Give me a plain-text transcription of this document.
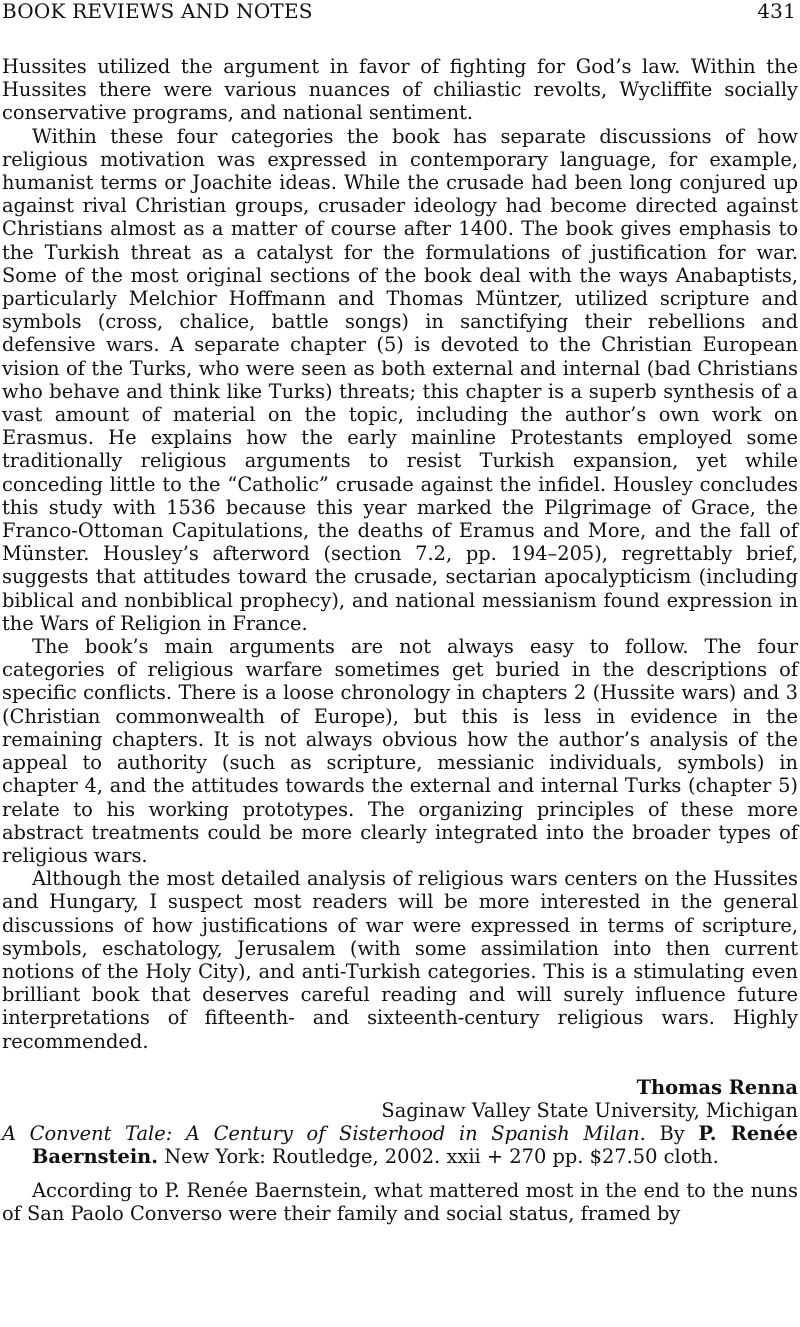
BOOK REVIEWS AND NOTES	431

Hussites utilized the argument in favor of fighting for God’s law. Within the Hussites there were various nuances of chiliastic revolts, Wycliffite socially conservative programs, and national sentiment.

Within these four categories the book has separate discussions of how religious motivation was expressed in contemporary language, for example, humanist terms or Joachite ideas. While the crusade had been long conjured up against rival Christian groups, crusader ideology had become directed against Christians almost as a matter of course after 1400. The book gives emphasis to the Turkish threat as a catalyst for the formulations of justification for war. Some of the most original sections of the book deal with the ways Anabaptists, particularly Melchior Hoffmann and Thomas Müntzer, utilized scripture and symbols (cross, chalice, battle songs) in sanctifying their rebellions and defensive wars. A separate chapter (5) is devoted to the Christian European vision of the Turks, who were seen as both external and internal (bad Christians who behave and think like Turks) threats; this chapter is a superb synthesis of a vast amount of material on the topic, including the author’s own work on Erasmus. He explains how the early mainline Protestants employed some traditionally religious arguments to resist Turkish expansion, yet while conceding little to the “Catholic” crusade against the infidel. Housley concludes this study with 1536 because this year marked the Pilgrimage of Grace, the Franco-Ottoman Capitulations, the deaths of Eramus and More, and the fall of Münster. Housley’s afterword (section 7.2, pp. 194–205), regrettably brief, suggests that attitudes toward the crusade, sectarian apocalypticism (including biblical and nonbiblical prophecy), and national messianism found expression in the Wars of Religion in France.

The book’s main arguments are not always easy to follow. The four categories of religious warfare sometimes get buried in the descriptions of specific conflicts. There is a loose chronology in chapters 2 (Hussite wars) and 3 (Christian commonwealth of Europe), but this is less in evidence in the remaining chapters. It is not always obvious how the author’s analysis of the appeal to authority (such as scripture, messianic individuals, symbols) in chapter 4, and the attitudes towards the external and internal Turks (chapter 5) relate to his working prototypes. The organizing principles of these more abstract treatments could be more clearly integrated into the broader types of religious wars.

Although the most detailed analysis of religious wars centers on the Hussites and Hungary, I suspect most readers will be more interested in the general discussions of how justifications of war were expressed in terms of scripture, symbols, eschatology, Jerusalem (with some assimilation into then current notions of the Holy City), and anti-Turkish categories. This is a stimulating even brilliant book that deserves careful reading and will surely influence future interpretations of fifteenth- and sixteenth-century religious wars. Highly recommended.

Thomas Renna
Saginaw Valley State University, Michigan

A Convent Tale: A Century of Sisterhood in Spanish Milan. By P. Renée Baernstein. New York: Routledge, 2002. xxii + 270 pp. $27.50 cloth.

According to P. Renée Baernstein, what mattered most in the end to the nuns of San Paolo Converso were their family and social status, framed by
